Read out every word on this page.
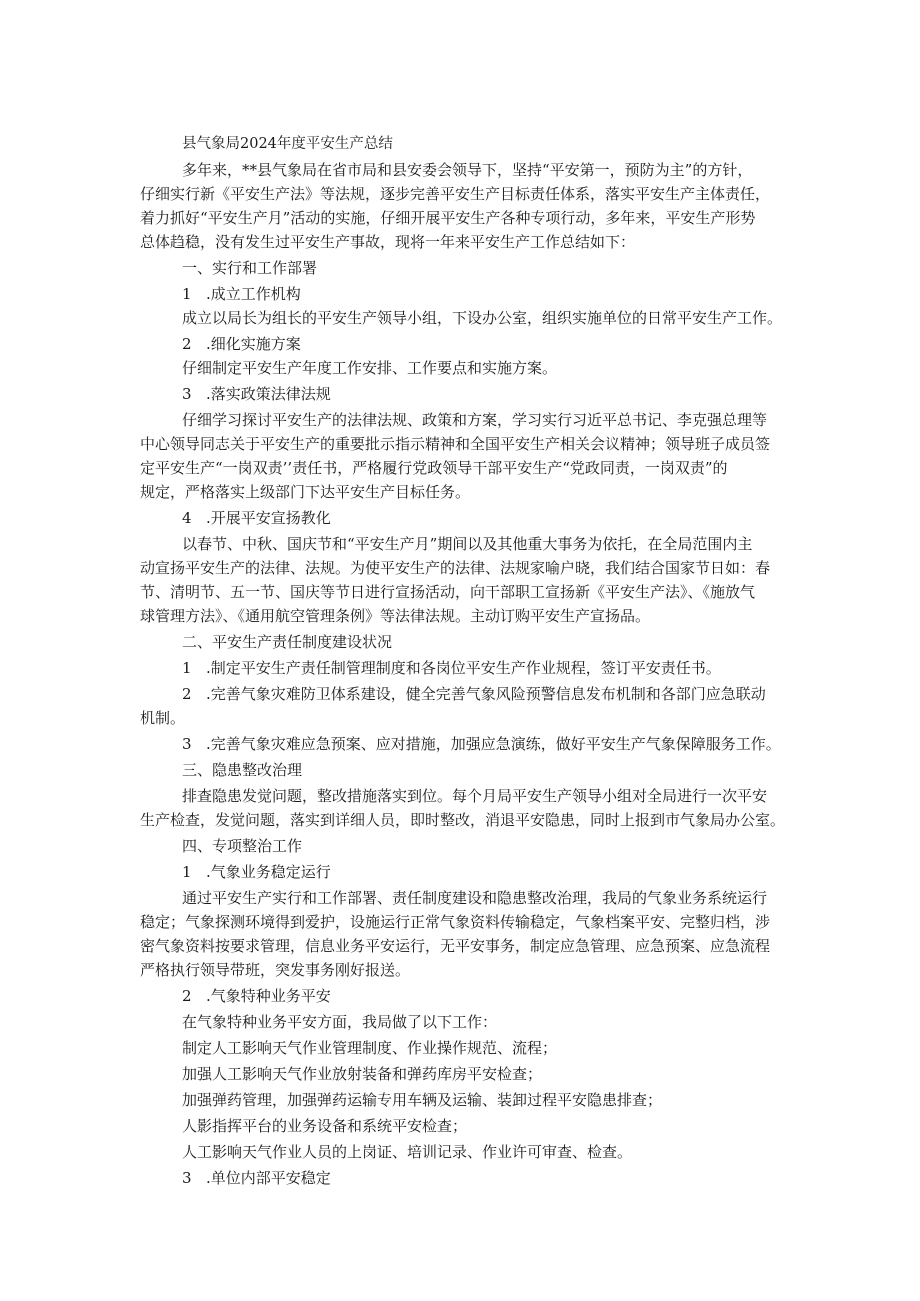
县气象局2024年度平安生产总结
多年来，**县气象局在省市局和县安委会领导下，坚持“平安第一，预防为主”的方针，
仔细实行新《平安生产法》等法规，逐步完善平安生产目标责任体系，落实平安生产主体责任，
着力抓好“平安生产月”活动的实施，仔细开展平安生产各种专项行动，多年来，平安生产形势
总体趋稳，没有发生过平安生产事故，现将一年来平安生产工作总结如下：
一、实行和工作部署
1 .成立工作机构
成立以局长为组长的平安生产领导小组，下设办公室，组织实施单位的日常平安生产工作。
2 .细化实施方案
仔细制定平安生产年度工作安排、工作要点和实施方案。
3 .落实政策法律法规
仔细学习探讨平安生产的法律法规、政策和方案，学习实行习近平总书记、李克强总理等
中心领导同志关于平安生产的重要批示指示精神和全国平安生产相关会议精神；领导班子成员签
定平安生产“一岗双责’’责任书，严格履行党政领导干部平安生产“党政同责，一岗双责”的
规定，严格落实上级部门下达平安生产目标任务。
4 .开展平安宣扬教化
以春节、中秋、国庆节和“平安生产月”期间以及其他重大事务为依托，在全局范围内主
动宣扬平安生产的法律、法规。为使平安生产的法律、法规家喻户晓，我们结合国家节日如：春
节、清明节、五一节、国庆等节日进行宣扬活动，向干部职工宣扬新《平安生产法》、《施放气
球管理方法》、《通用航空管理条例》等法律法规。主动订购平安生产宣扬品。
二、平安生产责任制度建设状况
1 .制定平安生产责任制管理制度和各岗位平安生产作业规程，签订平安责任书。
2 .完善气象灾难防卫体系建设，健全完善气象风险预警信息发布机制和各部门应急联动
机制。
3 .完善气象灾难应急预案、应对措施，加强应急演练，做好平安生产气象保障服务工作。
三、隐患整改治理
排查隐患发觉问题，整改措施落实到位。每个月局平安生产领导小组对全局进行一次平安
生产检查，发觉问题，落实到详细人员，即时整改，消退平安隐患，同时上报到市气象局办公室。
四、专项整治工作
1 .气象业务稳定运行
通过平安生产实行和工作部署、责任制度建设和隐患整改治理，我局的气象业务系统运行
稳定；气象探测环境得到爱护，设施运行正常气象资料传输稳定，气象档案平安、完整归档，涉
密气象资料按要求管理，信息业务平安运行，无平安事务，制定应急管理、应急预案、应急流程
严格执行领导带班，突发事务刚好报送。
2 .气象特种业务平安
在气象特种业务平安方面，我局做了以下工作：
制定人工影响天气作业管理制度、作业操作规范、流程；
加强人工影响天气作业放射装备和弹药库房平安检查；
加强弹药管理，加强弹药运输专用车辆及运输、装卸过程平安隐患排查；
人影指挥平台的业务设备和系统平安检查；
人工影响天气作业人员的上岗证、培训记录、作业许可审查、检查。
3 .单位内部平安稳定
